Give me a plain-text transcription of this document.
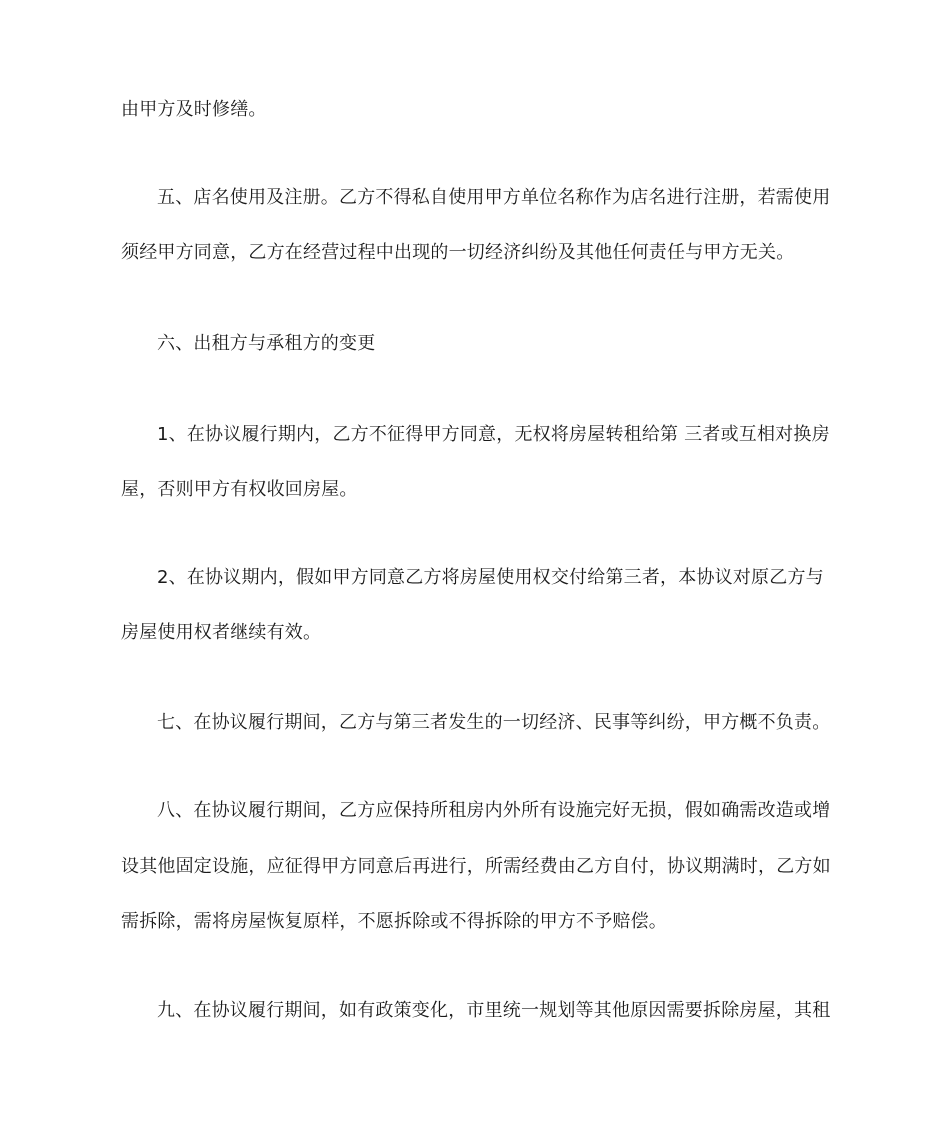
由甲方及时修缮。
五、店名使用及注册。乙方不得私自使用甲方单位名称作为店名进行注册，若需使用
须经甲方同意，乙方在经营过程中出现的一切经济纠纷及其他任何责任与甲方无关。
六、出租方与承租方的变更
1、在协议履行期内，乙方不征得甲方同意，无权将房屋转租给第 三者或互相对换房
屋，否则甲方有权收回房屋。
2、在协议期内，假如甲方同意乙方将房屋使用权交付给第三者，本协议对原乙方与
房屋使用权者继续有效。
七、在协议履行期间，乙方与第三者发生的一切经济、民事等纠纷，甲方概不负责。
八、在协议履行期间，乙方应保持所租房内外所有设施完好无损，假如确需改造或增
设其他固定设施，应征得甲方同意后再进行，所需经费由乙方自付，协议期满时，乙方如
需拆除，需将房屋恢复原样，不愿拆除或不得拆除的甲方不予赔偿。
九、在协议履行期间，如有政策变化，市里统一规划等其他原因需要拆除房屋，其租
